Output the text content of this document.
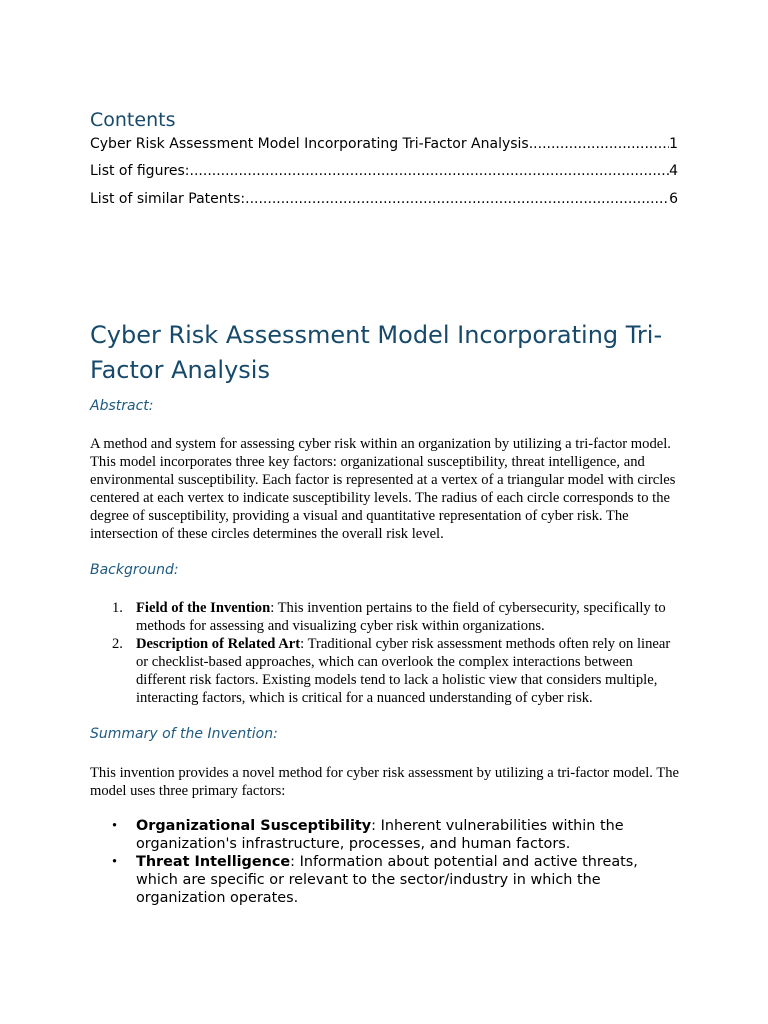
Contents
Cyber Risk Assessment Model Incorporating Tri-Factor Analysis .....	1
List of figures: .....	4
List of similar Patents: .....	6
Cyber Risk Assessment Model Incorporating Tri-Factor Analysis
Abstract:

A method and system for assessing cyber risk within an organization by utilizing a tri-factor model. This model incorporates three key factors: organizational susceptibility, threat intelligence, and environmental susceptibility. Each factor is represented at a vertex of a triangular model with circles centered at each vertex to indicate susceptibility levels. The radius of each circle corresponds to the degree of susceptibility, providing a visual and quantitative representation of cyber risk. The intersection of these circles determines the overall risk level.

Background:
1. Field of the Invention: This invention pertains to the field of cybersecurity, specifically to methods for assessing and visualizing cyber risk within organizations.
2. Description of Related Art: Traditional cyber risk assessment methods often rely on linear or checklist-based approaches, which can overlook the complex interactions between different risk factors. Existing models tend to lack a holistic view that considers multiple, interacting factors, which is critical for a nuanced understanding of cyber risk.
Summary of the Invention:

This invention provides a novel method for cyber risk assessment by utilizing a tri-factor model. The model uses three primary factors:

• Organizational Susceptibility: Inherent vulnerabilities within the organization's infrastructure, processes, and human factors.
• Threat Intelligence: Information about potential and active threats, which are specific or relevant to the sector/industry in which the organization operates.
